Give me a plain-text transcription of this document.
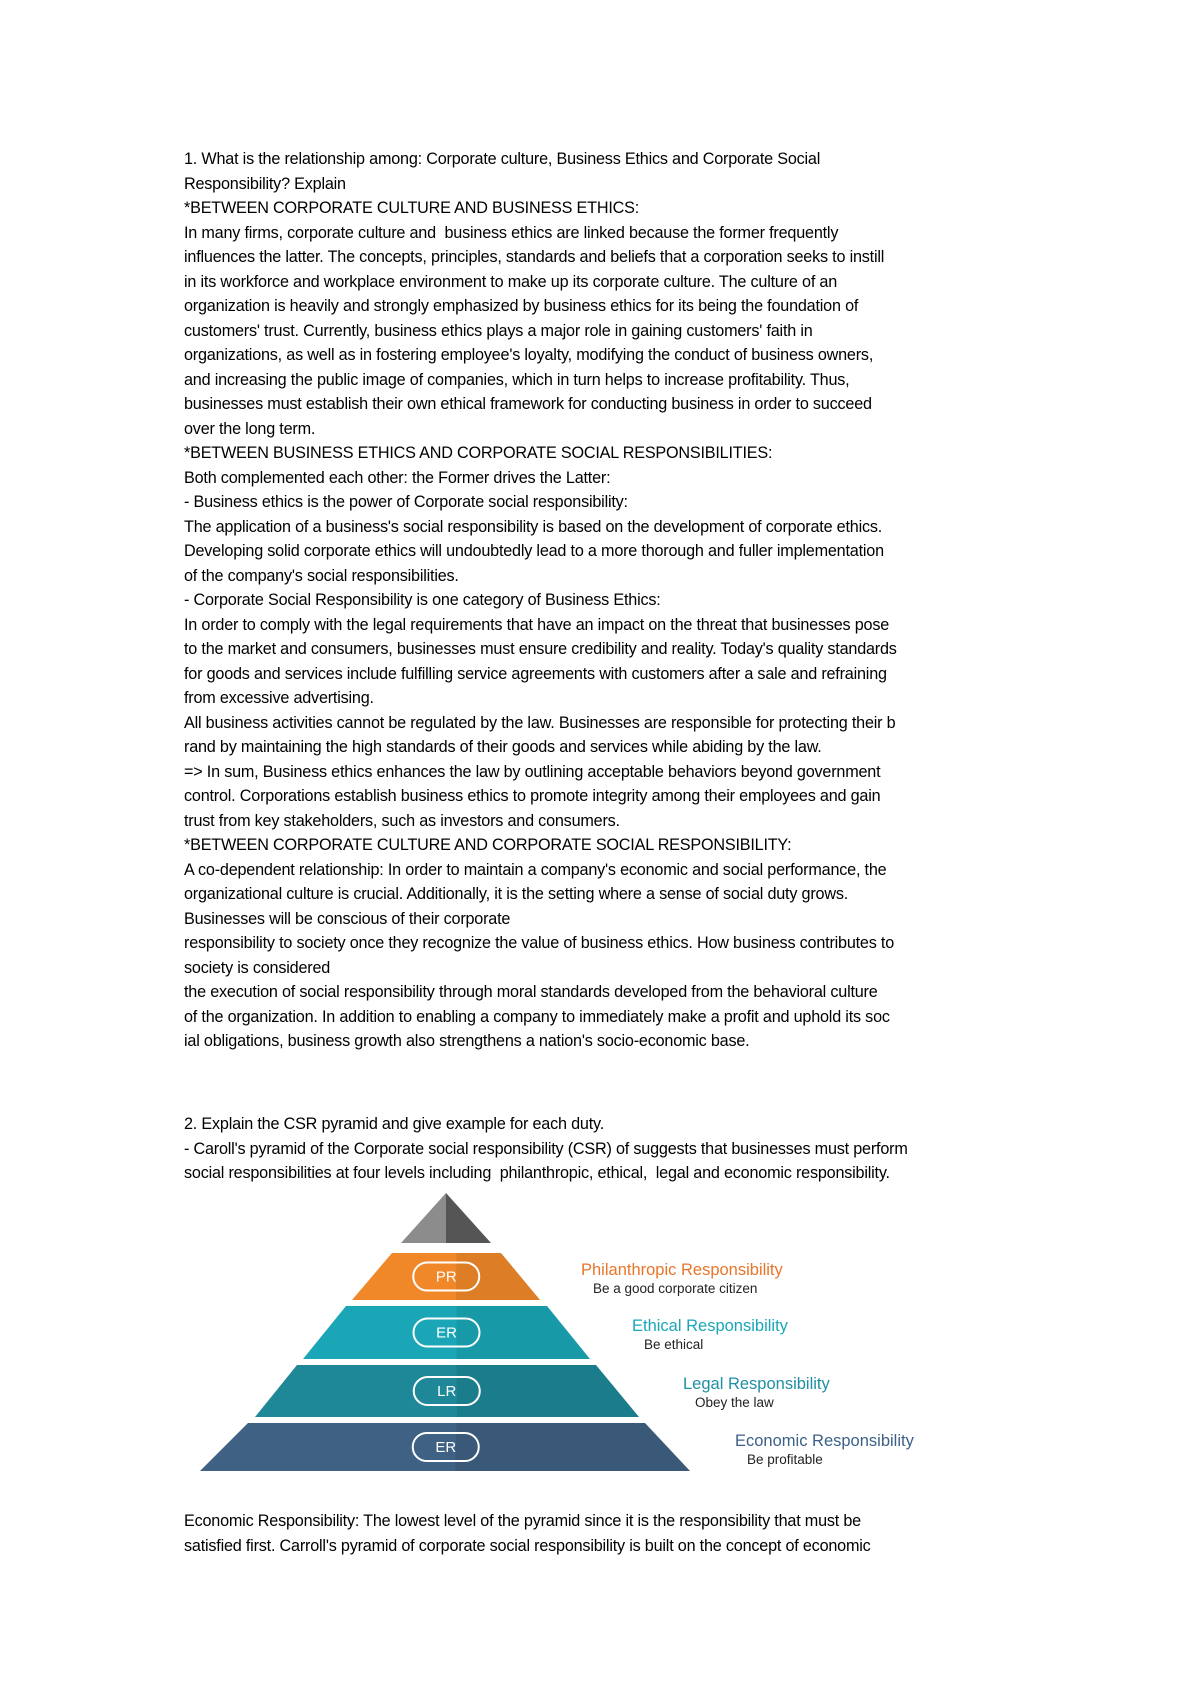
1. What is the relationship among: Corporate culture, Business Ethics and Corporate Social

Responsibility? Explain

*BETWEEN CORPORATE CULTURE AND BUSINESS ETHICS:

In many firms, corporate culture and  business ethics are linked because the former frequently

influences the latter. The concepts, principles, standards and beliefs that a corporation seeks to instill

in its workforce and workplace environment to make up its corporate culture. The culture of an

organization is heavily and strongly emphasized by business ethics for its being the foundation of

customers' trust. Currently, business ethics plays a major role in gaining customers' faith in

organizations, as well as in fostering employee's loyalty, modifying the conduct of business owners,

and increasing the public image of companies, which in turn helps to increase profitability. Thus,

businesses must establish their own ethical framework for conducting business in order to succeed

over the long term.

*BETWEEN BUSINESS ETHICS AND CORPORATE SOCIAL RESPONSIBILITIES:

Both complemented each other: the Former drives the Latter:

- Business ethics is the power of Corporate social responsibility:

The application of a business's social responsibility is based on the development of corporate ethics.

Developing solid corporate ethics will undoubtedly lead to a more thorough and fuller implementation

of the company's social responsibilities.

- Corporate Social Responsibility is one category of Business Ethics:

In order to comply with the legal requirements that have an impact on the threat that businesses pose

to the market and consumers, businesses must ensure credibility and reality. Today's quality standards

for goods and services include fulfilling service agreements with customers after a sale and refraining

from excessive advertising.

All business activities cannot be regulated by the law. Businesses are responsible for protecting their b

rand by maintaining the high standards of their goods and services while abiding by the law.

=> In sum, Business ethics enhances the law by outlining acceptable behaviors beyond government

control. Corporations establish business ethics to promote integrity among their employees and gain

trust from key stakeholders, such as investors and consumers.

*BETWEEN CORPORATE CULTURE AND CORPORATE SOCIAL RESPONSIBILITY:

A co-dependent relationship: In order to maintain a company's economic and social performance, the

organizational culture is crucial. Additionally, it is the setting where a sense of social duty grows.

Businesses will be conscious of their corporate

responsibility to society once they recognize the value of business ethics. How business contributes to

society is considered

the execution of social responsibility through moral standards developed from the behavioral culture

of the organization. In addition to enabling a company to immediately make a profit and uphold its soc

ial obligations, business growth also strengthens a nation's socio-economic base.

2. Explain the CSR pyramid and give example for each duty.

- Caroll's pyramid of the Corporate social responsibility (CSR) of suggests that businesses must perform

social responsibilities at four levels including  philanthropic, ethical,  legal and economic responsibility.

PR	Philanthropic Responsibility
Be a good corporate citizen
ER	Ethical Responsibility
Be ethical
LR	Legal Responsibility
Obey the law
ER	Economic Responsibility
Be profitable

Economic Responsibility: The lowest level of the pyramid since it is the responsibility that must be

satisfied first. Carroll's pyramid of corporate social responsibility is built on the concept of economic
